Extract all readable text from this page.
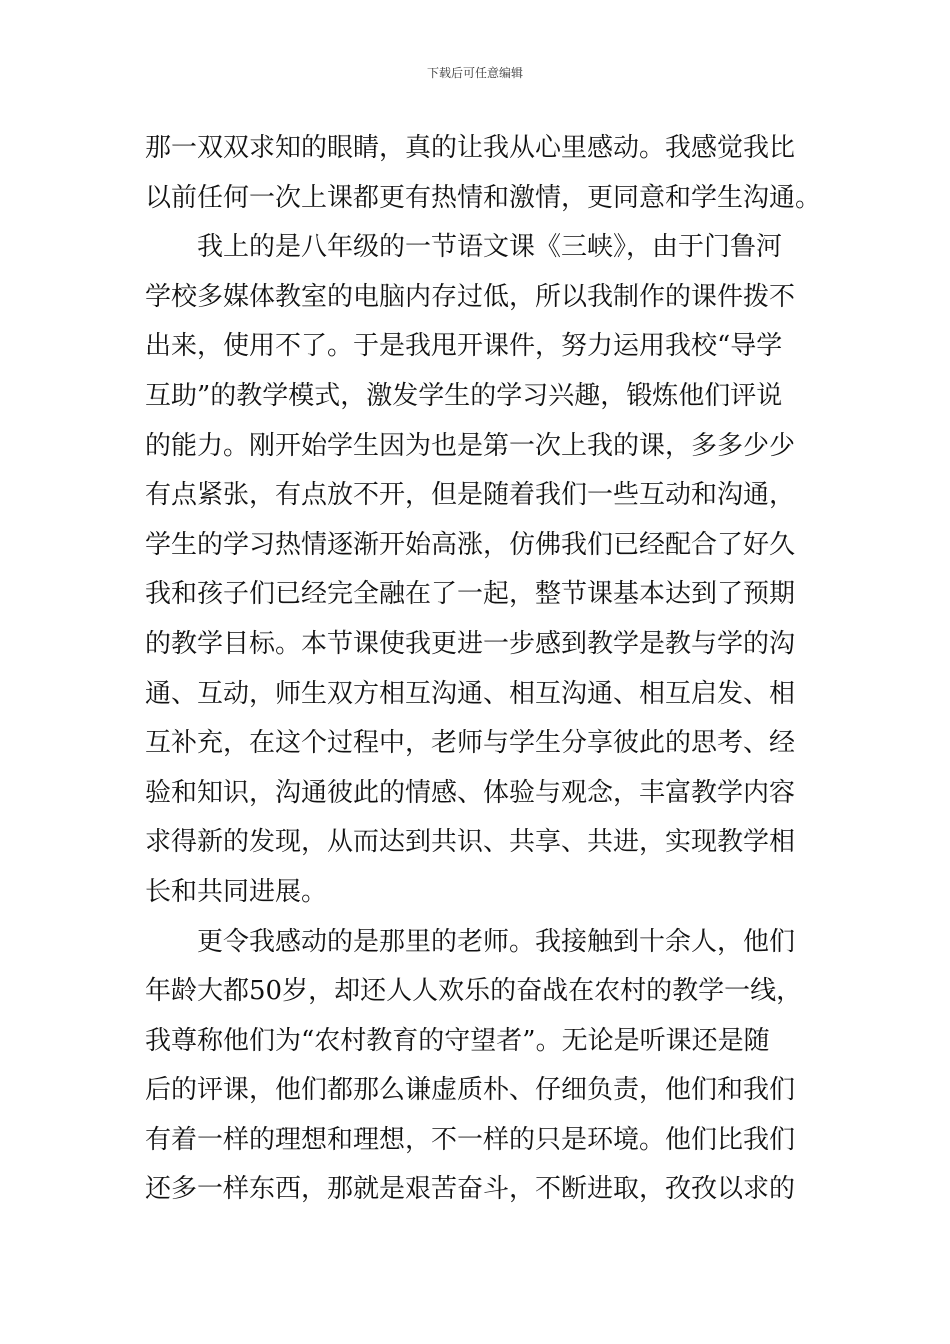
下载后可任意编辑
那一双双求知的眼睛，真的让我从心里感动。我感觉我比
以前任何一次上课都更有热情和激情，更同意和学生沟通。
我上的是八年级的一节语文课《三峡》，由于门鲁河
学校多媒体教室的电脑内存过低，所以我制作的课件拨不
出来，使用不了。于是我甩开课件，努力运用我校“导学
互助”的教学模式，激发学生的学习兴趣，锻炼他们评说
的能力。刚开始学生因为也是第一次上我的课，多多少少
有点紧张，有点放不开，但是随着我们一些互动和沟通，
学生的学习热情逐渐开始高涨，仿佛我们已经配合了好久
我和孩子们已经完全融在了一起，整节课基本达到了预期
的教学目标。本节课使我更进一步感到教学是教与学的沟
通、互动，师生双方相互沟通、相互沟通、相互启发、相
互补充，在这个过程中，老师与学生分享彼此的思考、经
验和知识，沟通彼此的情感、体验与观念，丰富教学内容
求得新的发现，从而达到共识、共享、共进，实现教学相
长和共同进展。
更令我感动的是那里的老师。我接触到十余人，他们
年龄大都50岁，却还人人欢乐的奋战在农村的教学一线，
我尊称他们为“农村教育的守望者”。无论是听课还是随
后的评课，他们都那么谦虚质朴、仔细负责，他们和我们
有着一样的理想和理想，不一样的只是环境。他们比我们
还多一样东西，那就是艰苦奋斗，不断进取，孜孜以求的
